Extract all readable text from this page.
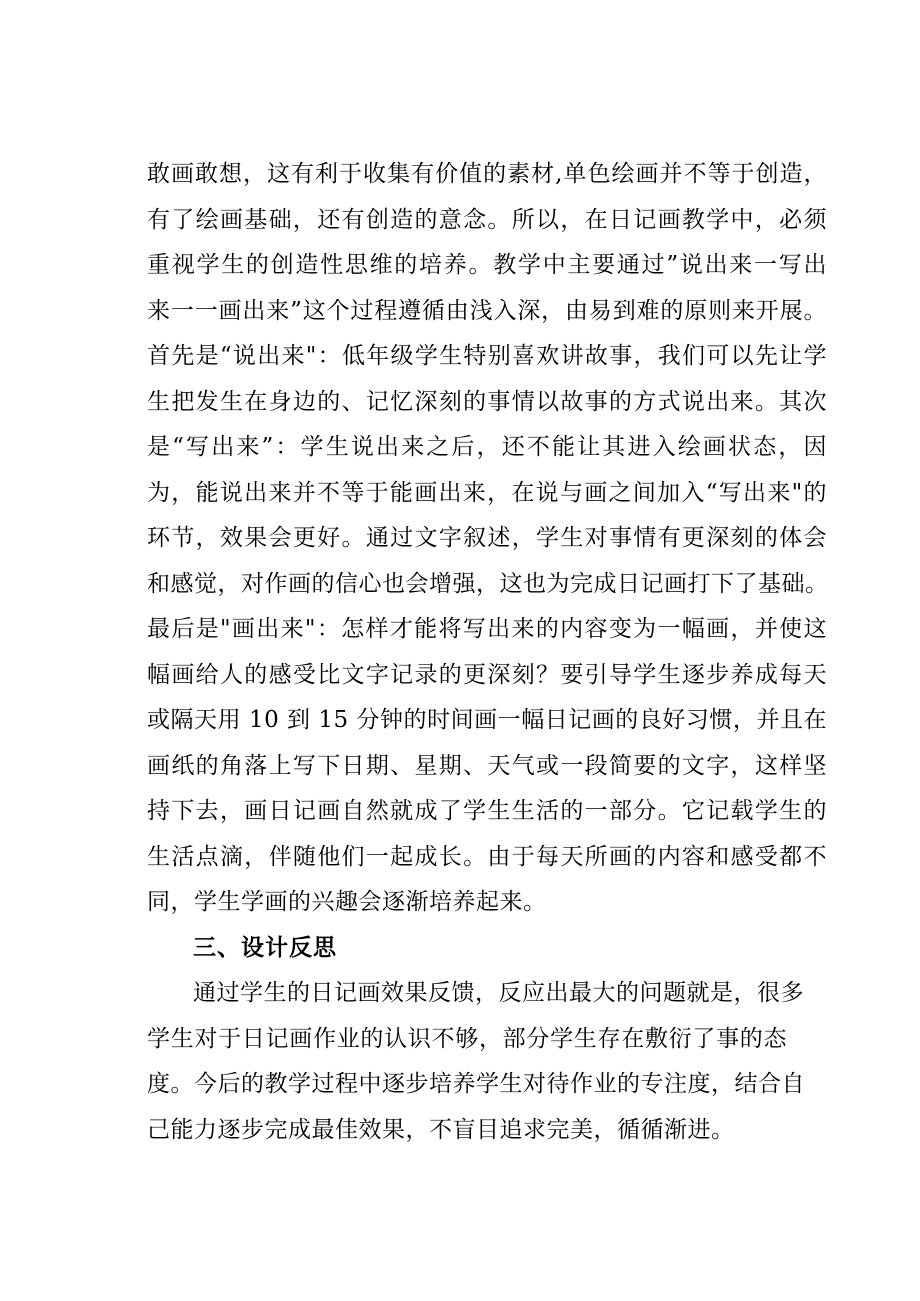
敢画敢想，这有利于收集有价值的素材,单色绘画并不等于创造，
有了绘画基础，还有创造的意念。所以，在日记画教学中，必须
重视学生的创造性思维的培养。教学中主要通过”说出来一写出
来一一画出来”这个过程遵循由浅入深，由易到难的原则来开展。
首先是“说出来"：低年级学生特别喜欢讲故事，我们可以先让学
生把发生在身边的、记忆深刻的事情以故事的方式说出来。其次
是“写出来”：学生说出来之后，还不能让其进入绘画状态，因
为，能说出来并不等于能画出来，在说与画之间加入“写出来"的
环节，效果会更好。通过文字叙述，学生对事情有更深刻的体会
和感觉，对作画的信心也会增强，这也为完成日记画打下了基础。
最后是"画出来"：怎样才能将写出来的内容变为一幅画，并使这
幅画给人的感受比文字记录的更深刻？要引导学生逐步养成每天
或隔天用 10 到 15 分钟的时间画一幅日记画的良好习惯，并且在
画纸的角落上写下日期、星期、天气或一段简要的文字，这样坚
持下去，画日记画自然就成了学生生活的一部分。它记载学生的
生活点滴，伴随他们一起成长。由于每天所画的内容和感受都不
同，学生学画的兴趣会逐渐培养起来。
三、设计反思
通过学生的日记画效果反馈，反应出最大的问题就是，很多
学生对于日记画作业的认识不够，部分学生存在敷衍了事的态
度。今后的教学过程中逐步培养学生对待作业的专注度，结合自
己能力逐步完成最佳效果，不盲目追求完美，循循渐进。
